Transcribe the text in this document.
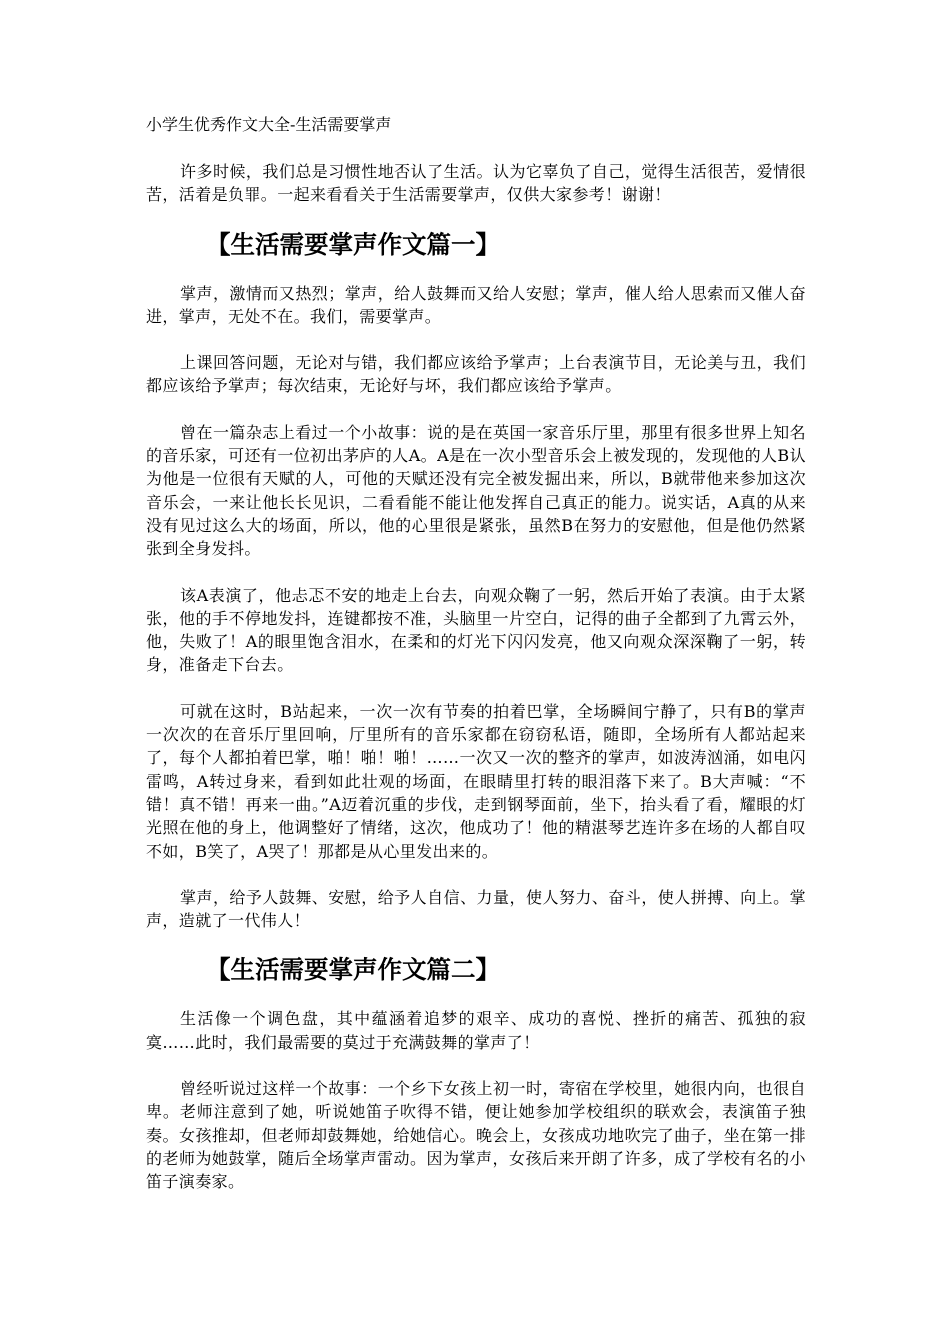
小学生优秀作文大全-生活需要掌声

许多时候，我们总是习惯性地否认了生活。认为它辜负了自己，觉得生活很苦，爱情很苦，活着是负罪。一起来看看关于生活需要掌声，仅供大家参考！谢谢！

【生活需要掌声作文篇一】

掌声，激情而又热烈；掌声，给人鼓舞而又给人安慰；掌声，催人给人思索而又催人奋进，掌声，无处不在。我们，需要掌声。

上课回答问题，无论对与错，我们都应该给予掌声；上台表演节目，无论美与丑，我们都应该给予掌声；每次结束，无论好与坏，我们都应该给予掌声。

曾在一篇杂志上看过一个小故事：说的是在英国一家音乐厅里，那里有很多世界上知名的音乐家，可还有一位初出茅庐的人A。A是在一次小型音乐会上被发现的，发现他的人B认为他是一位很有天赋的人，可他的天赋还没有完全被发掘出来，所以，B就带他来参加这次音乐会，一来让他长长见识，二看看能不能让他发挥自己真正的能力。说实话，A真的从来没有见过这么大的场面，所以，他的心里很是紧张，虽然B在努力的安慰他，但是他仍然紧张到全身发抖。

该A表演了，他忐忑不安的地走上台去，向观众鞠了一躬，然后开始了表演。由于太紧张，他的手不停地发抖，连键都按不准，头脑里一片空白，记得的曲子全都到了九霄云外，他，失败了！A的眼里饱含泪水，在柔和的灯光下闪闪发亮，他又向观众深深鞠了一躬，转身，准备走下台去。

可就在这时，B站起来，一次一次有节奏的拍着巴掌，全场瞬间宁静了，只有B的掌声一次次的在音乐厅里回响，厅里所有的音乐家都在窃窃私语，随即，全场所有人都站起来了，每个人都拍着巴掌，啪！啪！啪！……一次又一次的整齐的掌声，如波涛汹涌，如电闪雷鸣，A转过身来，看到如此壮观的场面，在眼睛里打转的眼泪落下来了。B大声喊：“不错！真不错！再来一曲。”A迈着沉重的步伐，走到钢琴面前，坐下，抬头看了看，耀眼的灯光照在他的身上，他调整好了情绪，这次，他成功了！他的精湛琴艺连许多在场的人都自叹不如，B笑了，A哭了！那都是从心里发出来的。

掌声，给予人鼓舞、安慰，给予人自信、力量，使人努力、奋斗，使人拼搏、向上。掌声，造就了一代伟人！

【生活需要掌声作文篇二】

生活像一个调色盘，其中蕴涵着追梦的艰辛、成功的喜悦、挫折的痛苦、孤独的寂寞……此时，我们最需要的莫过于充满鼓舞的掌声了！

曾经听说过这样一个故事：一个乡下女孩上初一时，寄宿在学校里，她很内向，也很自卑。老师注意到了她，听说她笛子吹得不错，便让她参加学校组织的联欢会，表演笛子独奏。女孩推却，但老师却鼓舞她，给她信心。晚会上，女孩成功地吹完了曲子，坐在第一排的老师为她鼓掌，随后全场掌声雷动。因为掌声，女孩后来开朗了许多，成了学校有名的小笛子演奏家。
